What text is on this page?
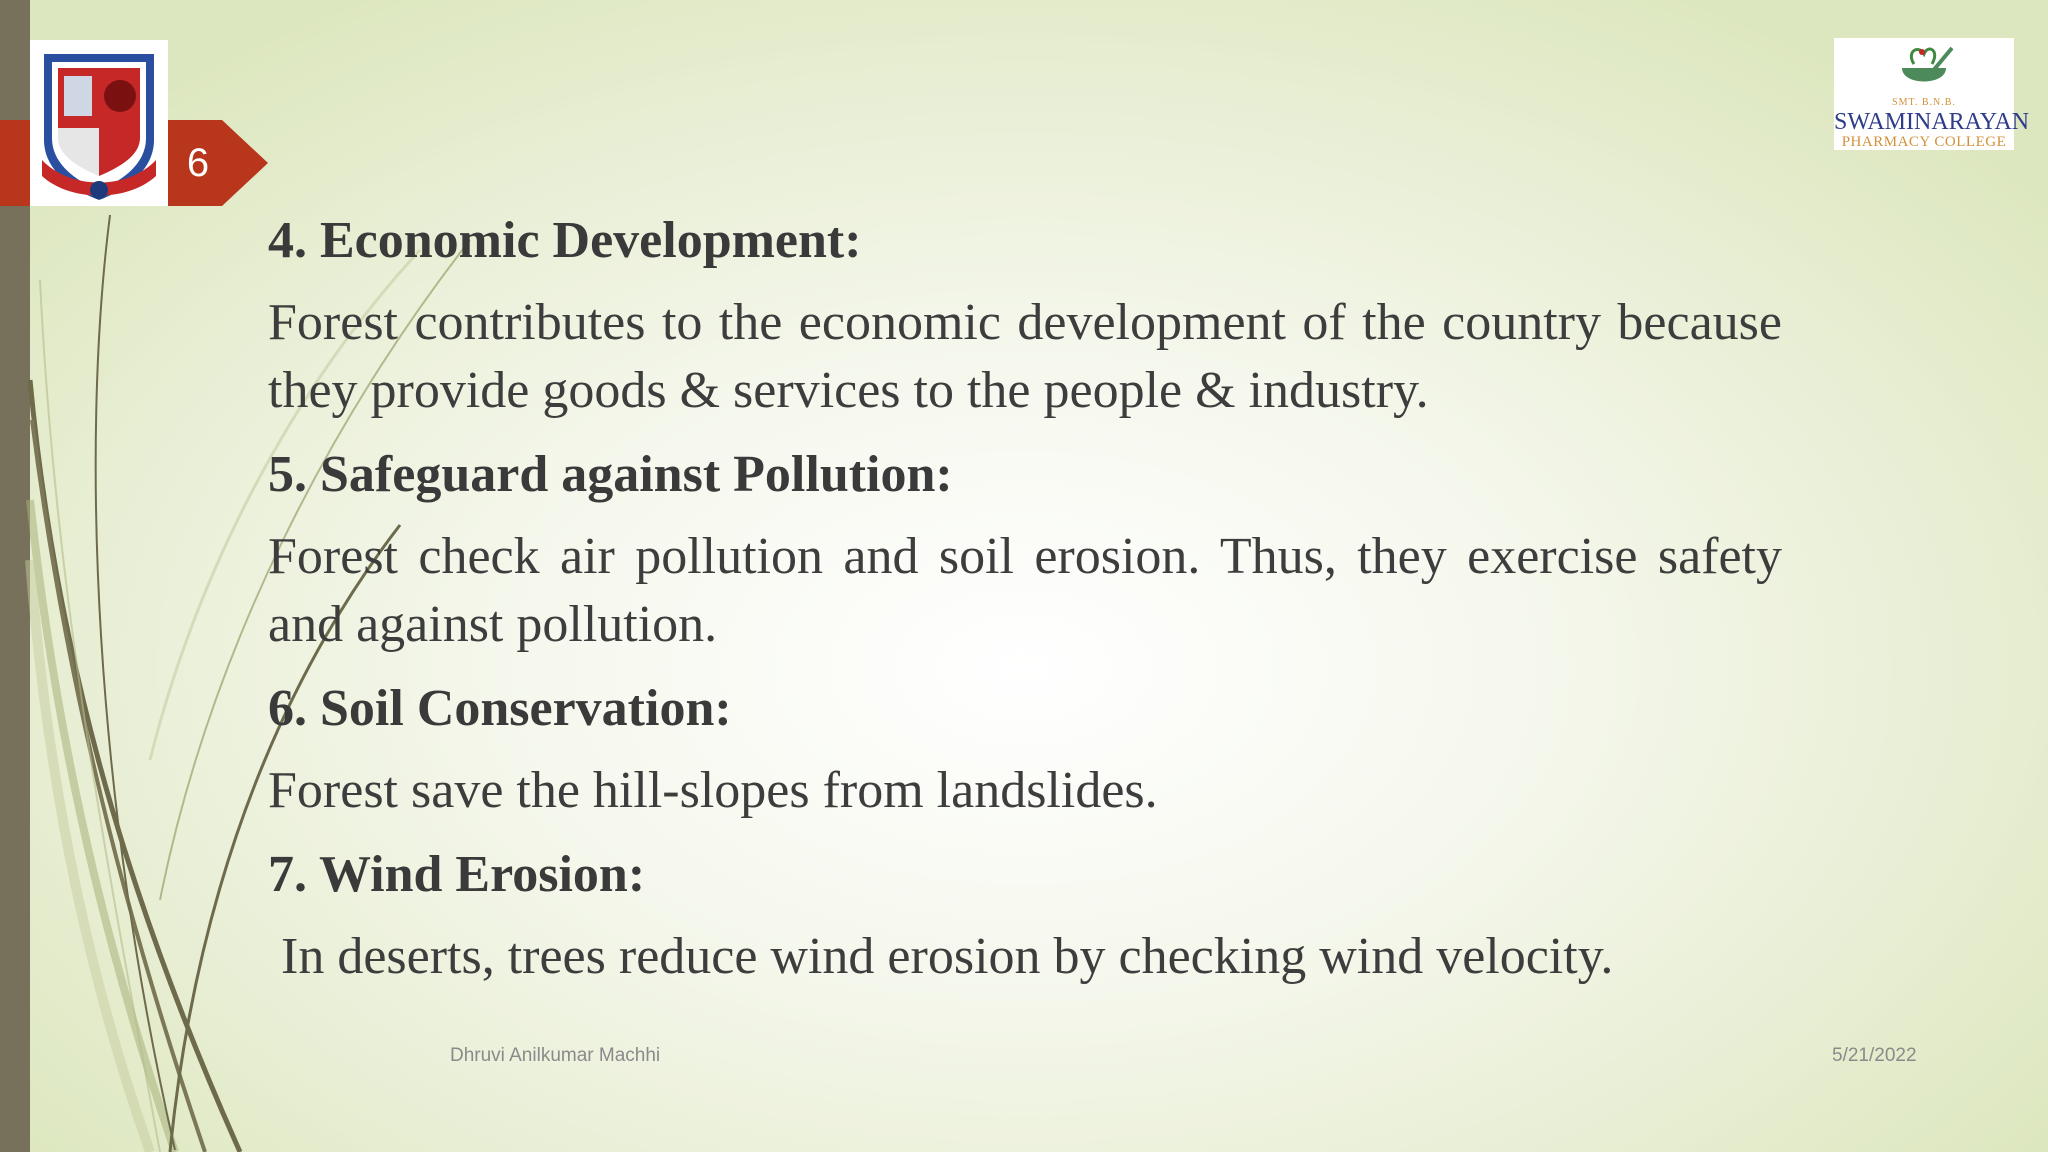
6
SMT. B.N.B.
SWAMINARAYAN
PHARMACY COLLEGE
4. Economic Development:
Forest contributes to the economic development of the country because they provide goods & services to the people & industry.
5. Safeguard against Pollution:
Forest check air pollution and soil erosion. Thus, they exercise safety and against pollution.
6. Soil Conservation:
Forest save the hill-slopes from landslides.
7. Wind Erosion:
In deserts, trees reduce wind erosion by checking wind velocity.
Dhruvi Anilkumar Machhi	5/21/2022
